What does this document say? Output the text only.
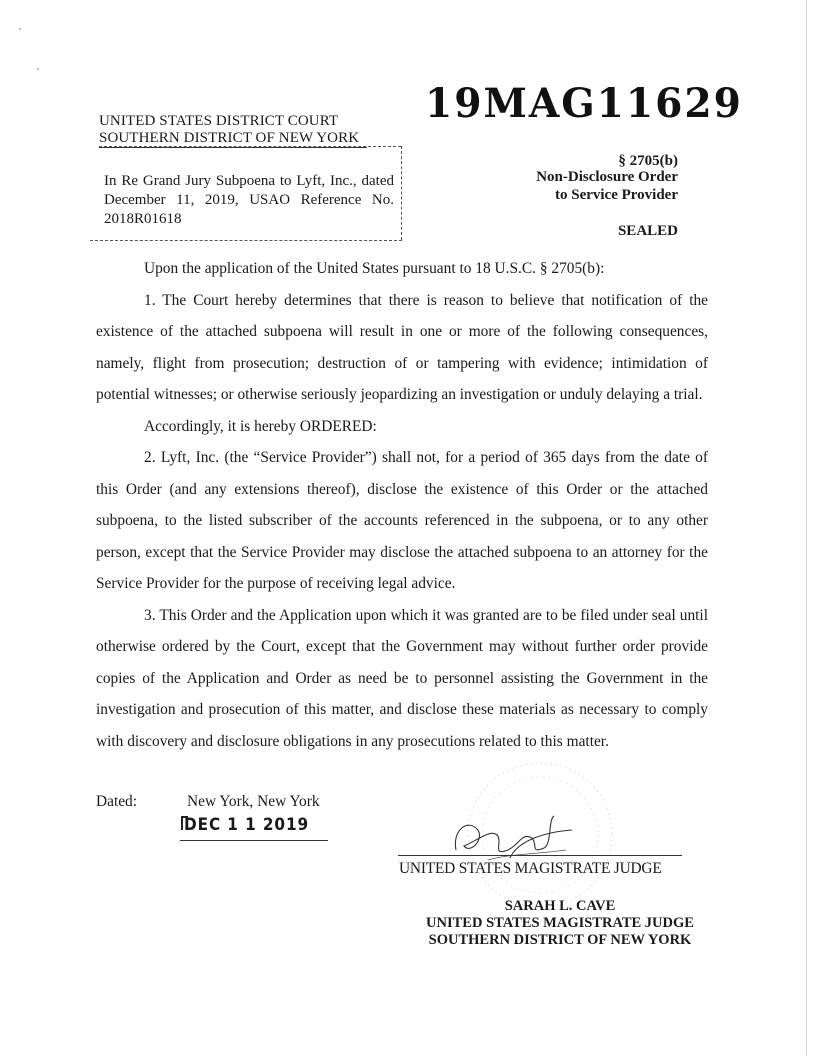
UNITED STATES DISTRICT COURT
SOUTHERN DISTRICT OF NEW YORK
19MAG11629
In Re Grand Jury Subpoena to Lyft, Inc., dated December 11, 2019, USAO Reference No. 2018R01618
§ 2705(b)
Non-Disclosure Order
to Service Provider
SEALED

Upon the application of the United States pursuant to 18 U.S.C. § 2705(b):

1. The Court hereby determines that there is reason to believe that notification of the existence of the attached subpoena will result in one or more of the following consequences, namely, flight from prosecution; destruction of or tampering with evidence; intimidation of potential witnesses; or otherwise seriously jeopardizing an investigation or unduly delaying a trial.

Accordingly, it is hereby ORDERED:

2. Lyft, Inc. (the “Service Provider”) shall not, for a period of 365 days from the date of this Order (and any extensions thereof), disclose the existence of this Order or the attached subpoena, to the listed subscriber of the accounts referenced in the subpoena, or to any other person, except that the Service Provider may disclose the attached subpoena to an attorney for the Service Provider for the purpose of receiving legal advice.

3. This Order and the Application upon which it was granted are to be filed under seal until otherwise ordered by the Court, except that the Government may without further order provide copies of the Application and Order as need be to personnel assisting the Government in the investigation and prosecution of this matter, and disclose these materials as necessary to comply with discovery and disclosure obligations in any prosecutions related to this matter.

Dated:	New York, New York
DEC 1 1 2019
UNITED STATES MAGISTRATE JUDGE
SARAH L. CAVE
UNITED STATES MAGISTRATE JUDGE
SOUTHERN DISTRICT OF NEW YORK
